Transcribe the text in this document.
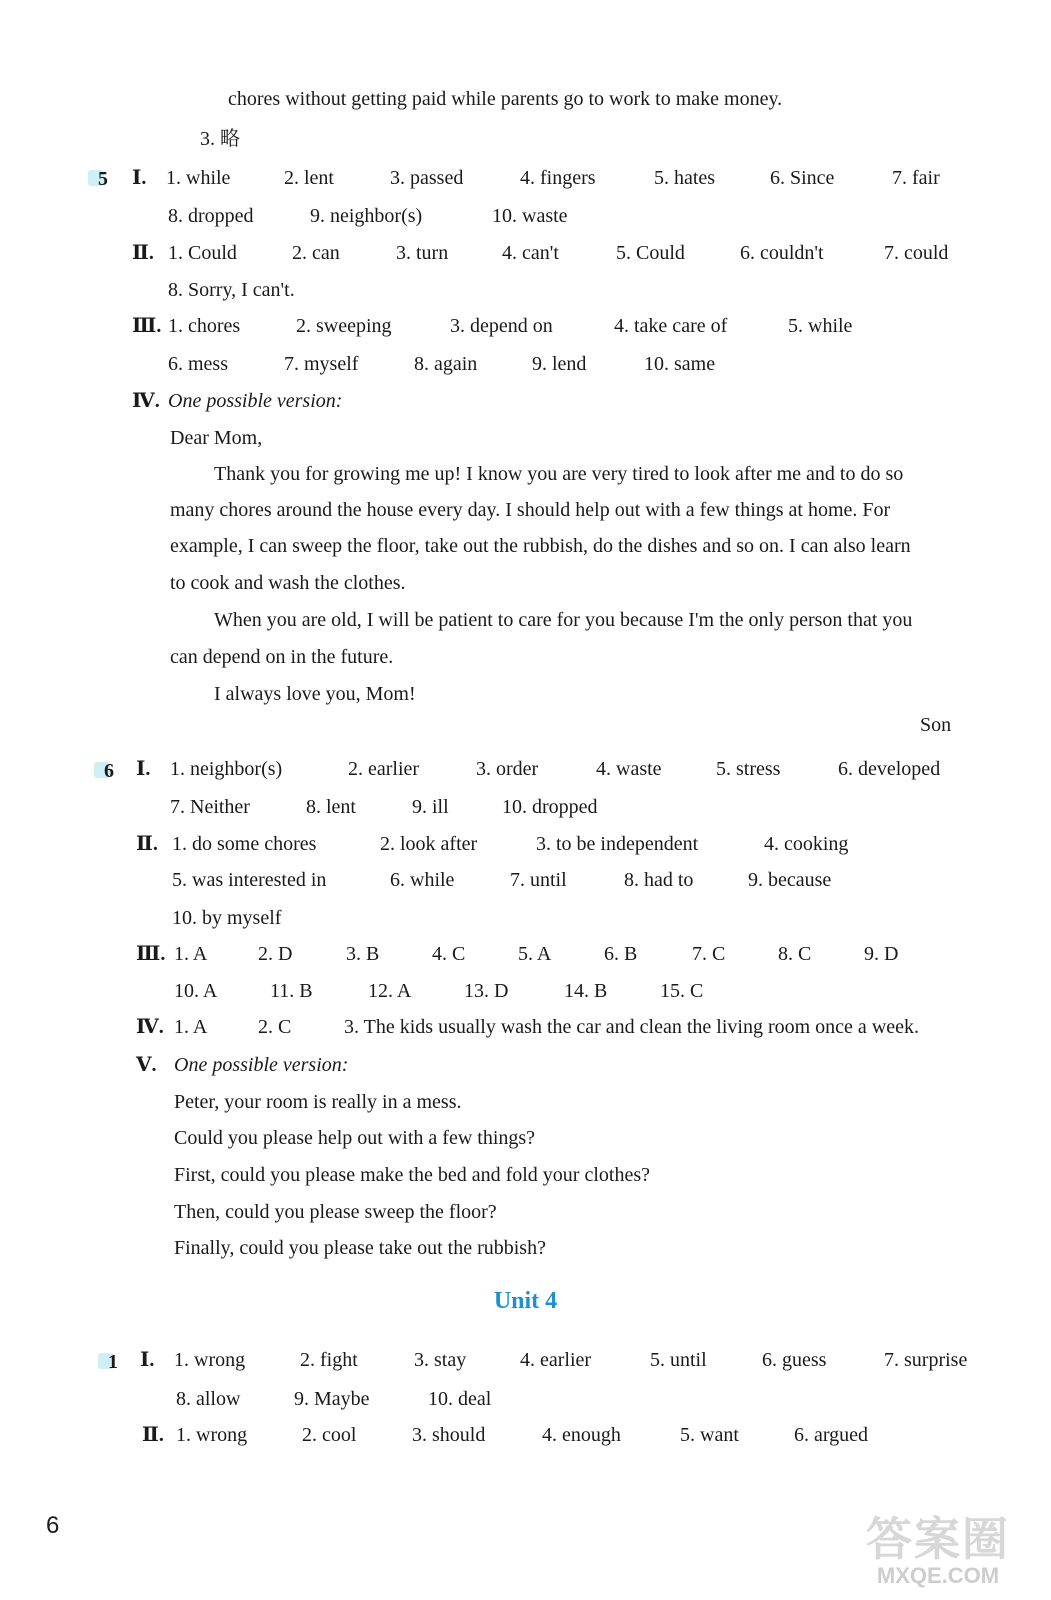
chores without getting paid while parents go to work to make money.
3. 略
5	Ⅰ. 1. while	2. lent	3. passed	4. fingers	5. hates	6. Since	7. fair
8. dropped	9. neighbor(s)	10. waste
Ⅱ. 1. Could	2. can	3. turn	4. can't	5. Could	6. couldn't	7. could
8. Sorry, I can't.
Ⅲ. 1. chores	2. sweeping	3. depend on	4. take care of	5. while
6. mess	7. myself	8. again	9. lend	10. same
Ⅳ. One possible version:
Dear Mom,
Thank you for growing me up! I know you are very tired to look after me and to do so
many chores around the house every day. I should help out with a few things at home. For
example, I can sweep the floor, take out the rubbish, do the dishes and so on. I can also learn
to cook and wash the clothes.
When you are old, I will be patient to care for you because I'm the only person that you
can depend on in the future.
I always love you, Mom!
Son
6	Ⅰ. 1. neighbor(s)	2. earlier	3. order	4. waste	5. stress	6. developed
7. Neither	8. lent	9. ill	10. dropped
Ⅱ. 1. do some chores	2. look after	3. to be independent	4. cooking
5. was interested in	6. while	7. until	8. had to	9. because
10. by myself
Ⅲ. 1. A	2. D	3. B	4. C	5. A	6. B	7. C	8. C	9. D
10. A	11. B	12. A	13. D	14. B	15. C
Ⅳ. 1. A	2. C	3. The kids usually wash the car and clean the living room once a week.
Ⅴ. One possible version:
Peter, your room is really in a mess.
Could you please help out with a few things?
First, could you please make the bed and fold your clothes?
Then, could you please sweep the floor?
Finally, could you please take out the rubbish?
Unit 4
1	Ⅰ. 1. wrong	2. fight	3. stay	4. earlier	5. until	6. guess	7. surprise
8. allow	9. Maybe	10. deal
Ⅱ. 1. wrong	2. cool	3. should	4. enough	5. want	6. argued
6	答案圈
MXQE.COM
